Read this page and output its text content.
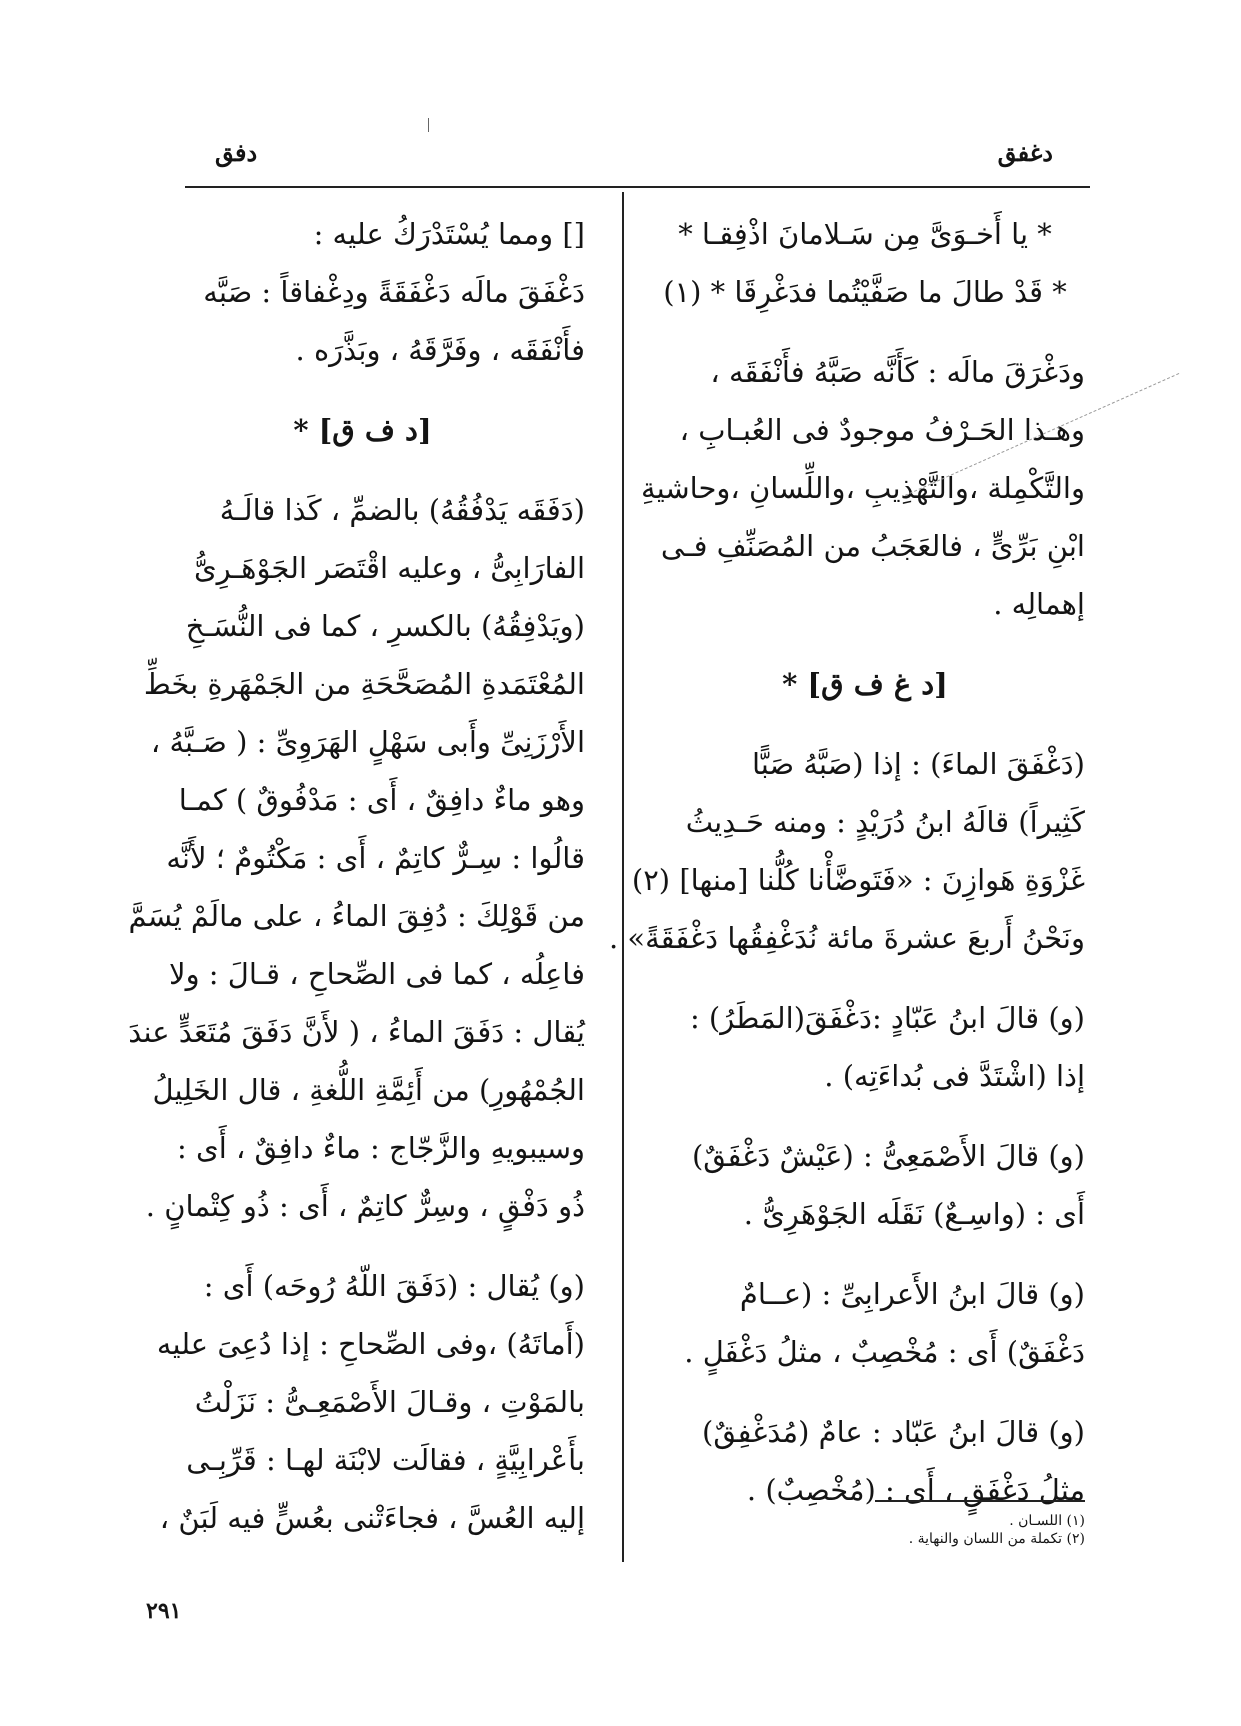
دغفق
دفق
* يا أَخـوَىَّ مِن سَـلامانَ اذْفِقـا *
* قَدْ طالَ ما صَفَّيْتُما فدَغْرِقَا * (١)
ودَغْرَقَ مالَه : كَأَنَّه صَبَّهُ فأَنْفَقَه ،
وهـذا الحَـرْفُ موجودٌ فى العُبـابِ ،
والتَّكْمِلة ،والتَّهْذِيبِ ،واللِّسانِ ،وحاشيةِ
ابْنِ بَرِّىٍّ ، فالعَجَبُ من المُصَنِّفِ فـى
إهمالِه .
[د غ ف ق] *
(دَغْفَقَ الماءَ) : إذا (صَبَّهُ صَبًّا
كَثِيراً) قالَهُ ابنُ دُرَيْدٍ : ومنه حَـدِيثُ
غَزْوَةِ هَوازِنَ : «فَتَوضَّأْنا كُلُّنا [منها] (٢)
ونَحْنُ أَربعَ عشرةَ مائة نُدَغْفِقُها دَغْفَقَةً» .
(و) قالَ ابنُ عَبّادٍ :دَغْفَقَ(المَطَرُ) :
إذا (اشْتَدَّ فى بُداءَتِه) .
(و) قالَ الأَصْمَعِىُّ : (عَيْشٌ دَغْفَقٌ)
أَى : (واسِـعٌ) نَقَلَه الجَوْهَرِىُّ .
(و) قالَ ابنُ الأَعرابِىِّ : (عــامٌ
دَغْفَقٌ) أَى : مُخْصِبٌ ، مثلُ دَغْفَلٍ .
(و) قالَ ابنُ عَبّاد : عامٌ (مُدَغْفِقٌ)
مثلُ دَغْفَقٍ ، أَى : (مُخْصِبٌ) .
[] ومما يُسْتَدْرَكُ عليه :
دَغْفَقَ مالَه دَغْفَقَةً ودِغْفاقاً : صَبَّه
فأَنْفَقَه ، وفَرَّقَهُ ، وبَذَّرَه .
[د ف ق] *
(دَفَقَه يَدْفُقُهُ) بالضمِّ ، كَذا قالَـهُ
الفارَابِىُّ ، وعليه اقْتَصَر الجَوْهَـرِىُّ
(ويَدْفِقُهُ) بالكسرِ ، كما فى النُّسَـخِ
المُعْتَمَدةِ المُصَحَّحَةِ من الجَمْهَرةِ بخَطِّ
الأَرْزَنِىِّ وأَبى سَهْلٍ الهَرَوِىِّ : ( صَـبَّهُ ،
وهو ماءٌ دافِقٌ ، أَى : مَدْفُوقٌ ) كمـا
قالُوا : سِـرٌّ كاتِمٌ ، أَى : مَكْتُومٌ ؛ لأَنَّه
من قَوْلِكَ : دُفِقَ الماءُ ، على مالَمْ يُسَمَّ
فاعِلُه ، كما فى الصِّحاحِ ، قـالَ : ولا
يُقال : دَفَقَ الماءُ ، ( لأَنَّ دَفَقَ مُتَعَدٍّ عندَ
الجُمْهُورِ) من أَئِمَّةِ اللُّغةِ ، قال الخَلِيلُ
وسيبويهِ والزَّجّاج : ماءٌ دافِقٌ ، أَى :
ذُو دَفْقٍ ، وسِرٌّ كاتِمٌ ، أَى : ذُو كِتْمانٍ .
(و) يُقال : (دَفَقَ اللّهُ رُوحَه) أَى :
(أَماتَهُ) ،وفى الصِّحاحِ : إذا دُعِىَ عليه
بالمَوْتِ ، وقـالَ الأَصْمَعِـىُّ : نَزَلْتُ
بأَعْرابِيَّةٍ ، فقالَت لابْنَة لهـا : قَرِّبِـى
إليه العُسَّ ، فجاءَتْنى بعُسٍّ فيه لَبَنٌ ،	(١) اللسـان .
(٢) تكملة من اللسان والنهاية .
٢٩١
